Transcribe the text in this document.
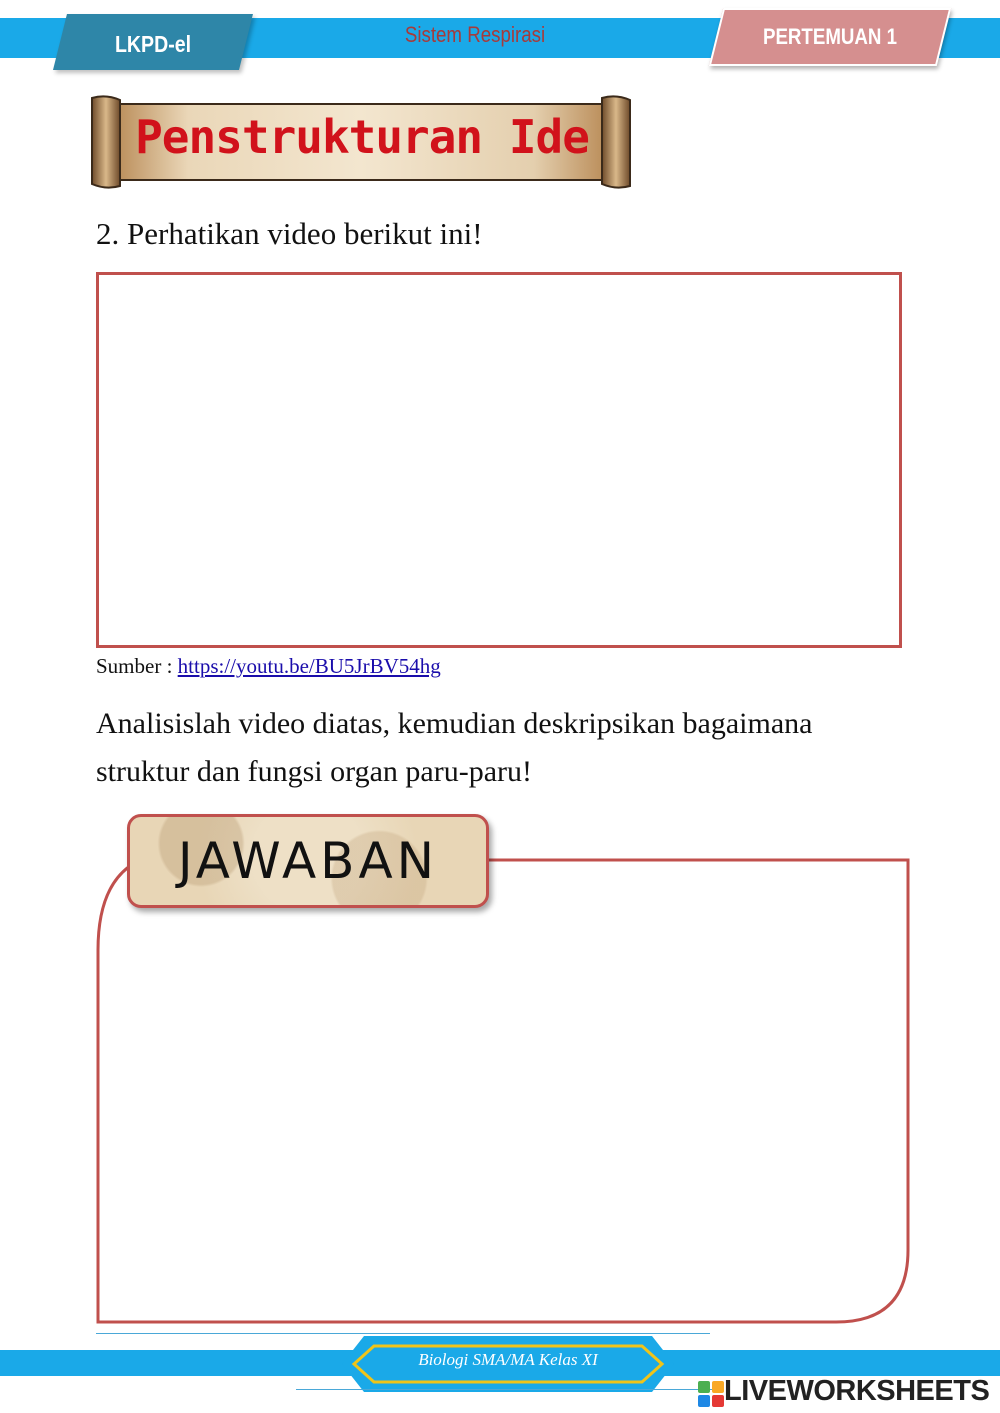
LKPD-el	Sistem Respirasi	PERTEMUAN 1
Penstrukturan Ide
2. Perhatikan video berikut ini!
Sumber : https://youtu.be/BU5JrBV54hg
Analisislah video diatas, kemudian deskripsikan bagaimana struktur dan fungsi organ paru-paru!
JAWABAN
Biologi SMA/MA Kelas XI
LIVEWORKSHEETS
